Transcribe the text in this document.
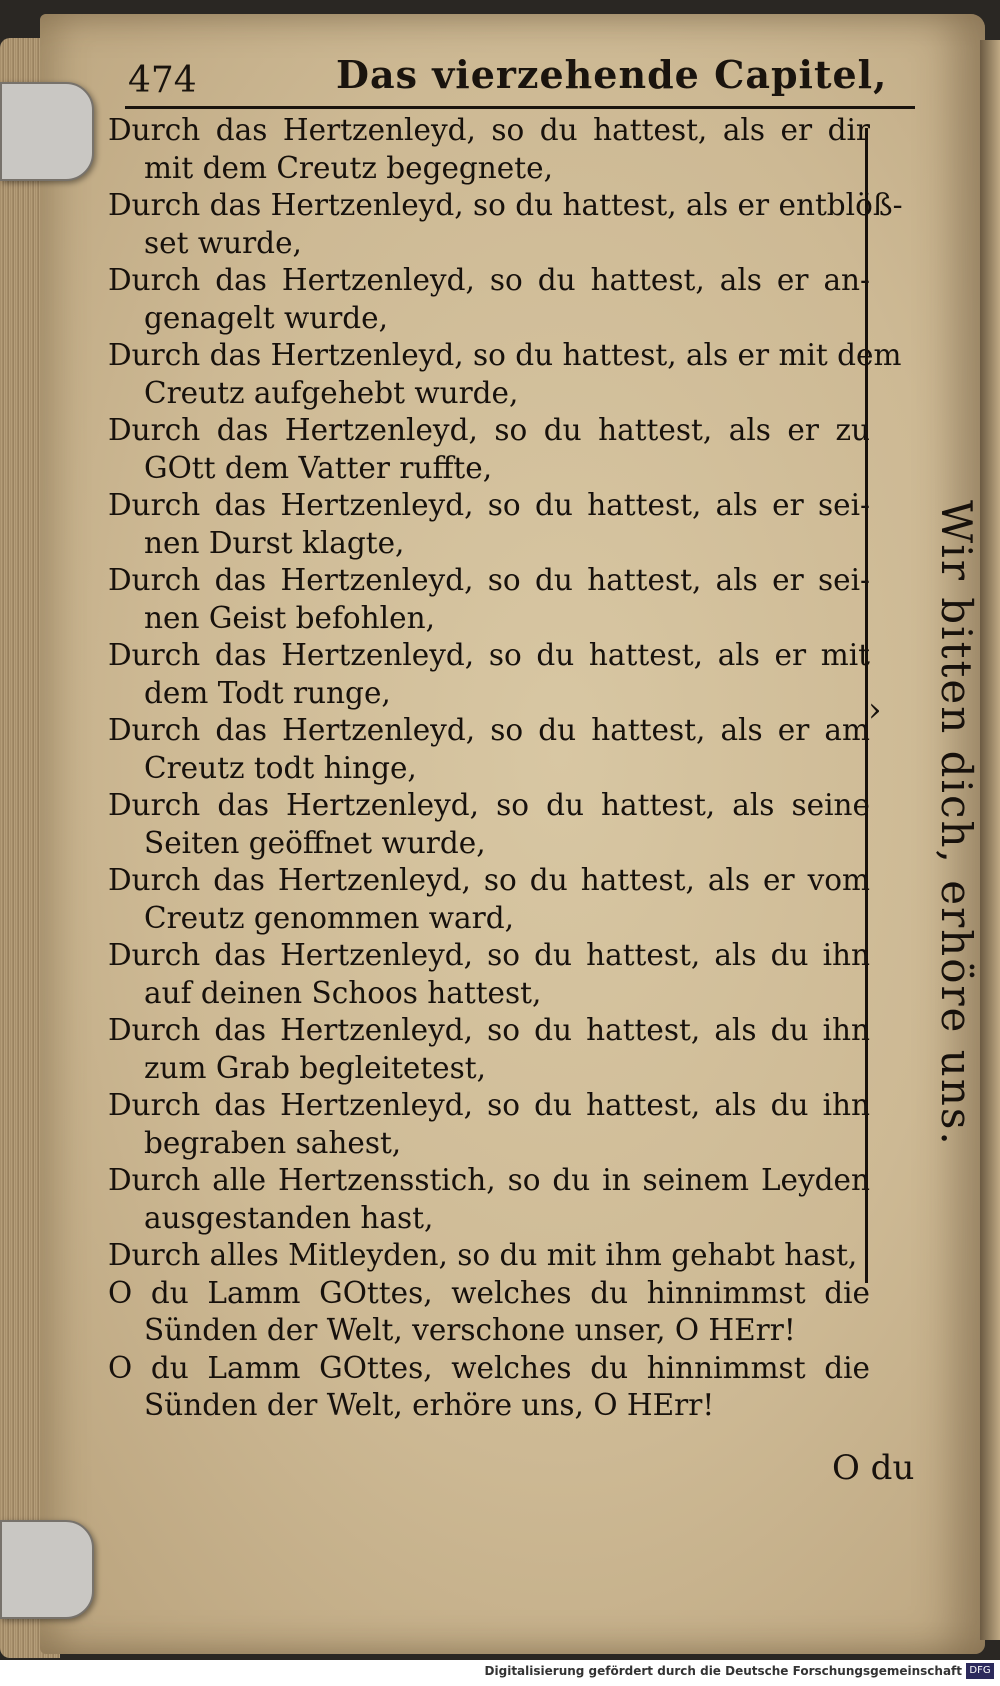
474	Das vierzehende Capitel,

Durch das Hertzenleyd, so du hattest, als er dir
mit dem Creutz begegnete,

Durch das Hertzenleyd, so du hattest, als er entblöß-
set wurde,

Durch das Hertzenleyd, so du hattest, als er an-
genagelt wurde,

Durch das Hertzenleyd, so du hattest, als er mit dem
Creutz aufgehebt wurde,

Durch das Hertzenleyd, so du hattest, als er zu
GOtt dem Vatter ruffte,

Durch das Hertzenleyd, so du hattest, als er sei-
nen Durst klagte,

Durch das Hertzenleyd, so du hattest, als er sei-
nen Geist befohlen,

Durch das Hertzenleyd, so du hattest, als er mit
dem Todt runge,

Durch das Hertzenleyd, so du hattest, als er am
Creutz todt hinge,

Durch das Hertzenleyd, so du hattest, als seine
Seiten geöffnet wurde,

Durch das Hertzenleyd, so du hattest, als er vom
Creutz genommen ward,

Durch das Hertzenleyd, so du hattest, als du ihn
auf deinen Schoos hattest,

Durch das Hertzenleyd, so du hattest, als du ihn
zum Grab begleitetest,

Durch das Hertzenleyd, so du hattest, als du ihn
begraben sahest,

Durch alle Hertzensstich, so du in seinem Leyden
ausgestanden hast,

Durch alles Mitleyden, so du mit ihm gehabt hast,

O du Lamm GOttes, welches du hinnimmst die
Sünden der Welt, verschone unser, O HErr!

O du Lamm GOttes, welches du hinnimmst die
Sünden der Welt, erhöre uns, O HErr!

› Wir bitten dich, erhöre uns.
O du
Digitalisierung gefördert durch die Deutsche Forschungsgemeinschaft DFG
